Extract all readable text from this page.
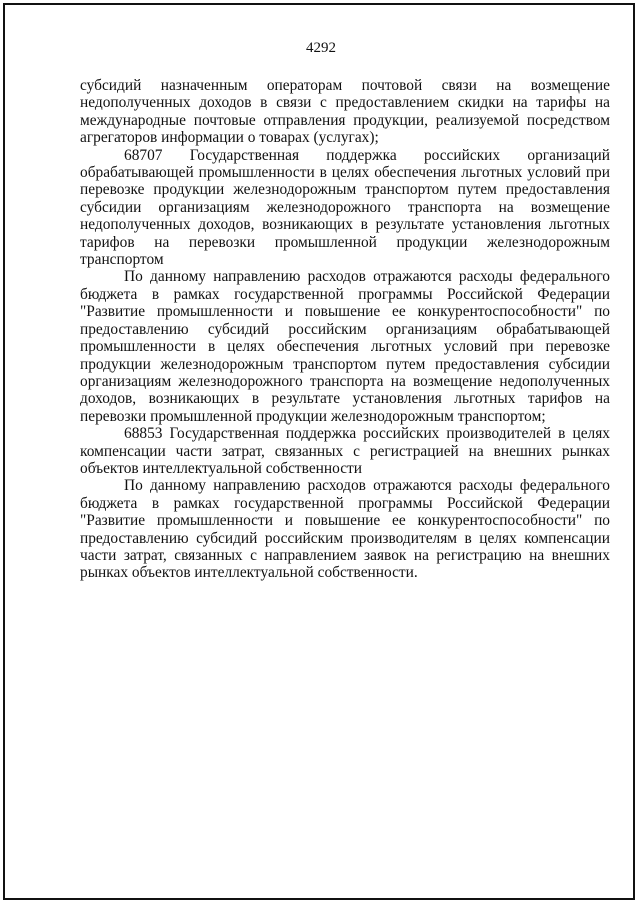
4292

субсидий назначенным операторам почтовой связи на возмещение недополученных доходов в связи с предоставлением скидки на тарифы на международные почтовые отправления продукции, реализуемой посредством агрегаторов информации о товарах (услугах);

68707 Государственная поддержка российских организаций обрабатывающей промышленности в целях обеспечения льготных условий при перевозке продукции железнодорожным транспортом путем предоставления субсидии организациям железнодорожного транспорта на возмещение недополученных доходов, возникающих в результате установления льготных тарифов на перевозки промышленной продукции железнодорожным транспортом

По данному направлению расходов отражаются расходы федерального бюджета в рамках государственной программы Российской Федерации "Развитие промышленности и повышение ее конкурентоспособности" по предоставлению субсидий российским организациям обрабатывающей промышленности в целях обеспечения льготных условий при перевозке продукции железнодорожным транспортом путем предоставления субсидии организациям железнодорожного транспорта на возмещение недополученных доходов, возникающих в результате установления льготных тарифов на перевозки промышленной продукции железнодорожным транспортом;

68853 Государственная поддержка российских производителей в целях компенсации части затрат, связанных с регистрацией на внешних рынках объектов интеллектуальной собственности

По данному направлению расходов отражаются расходы федерального бюджета в рамках государственной программы Российской Федерации "Развитие промышленности и повышение ее конкурентоспособности" по предоставлению субсидий российским производителям в целях компенсации части затрат, связанных с направлением заявок на регистрацию на внешних рынках объектов интеллектуальной собственности.
